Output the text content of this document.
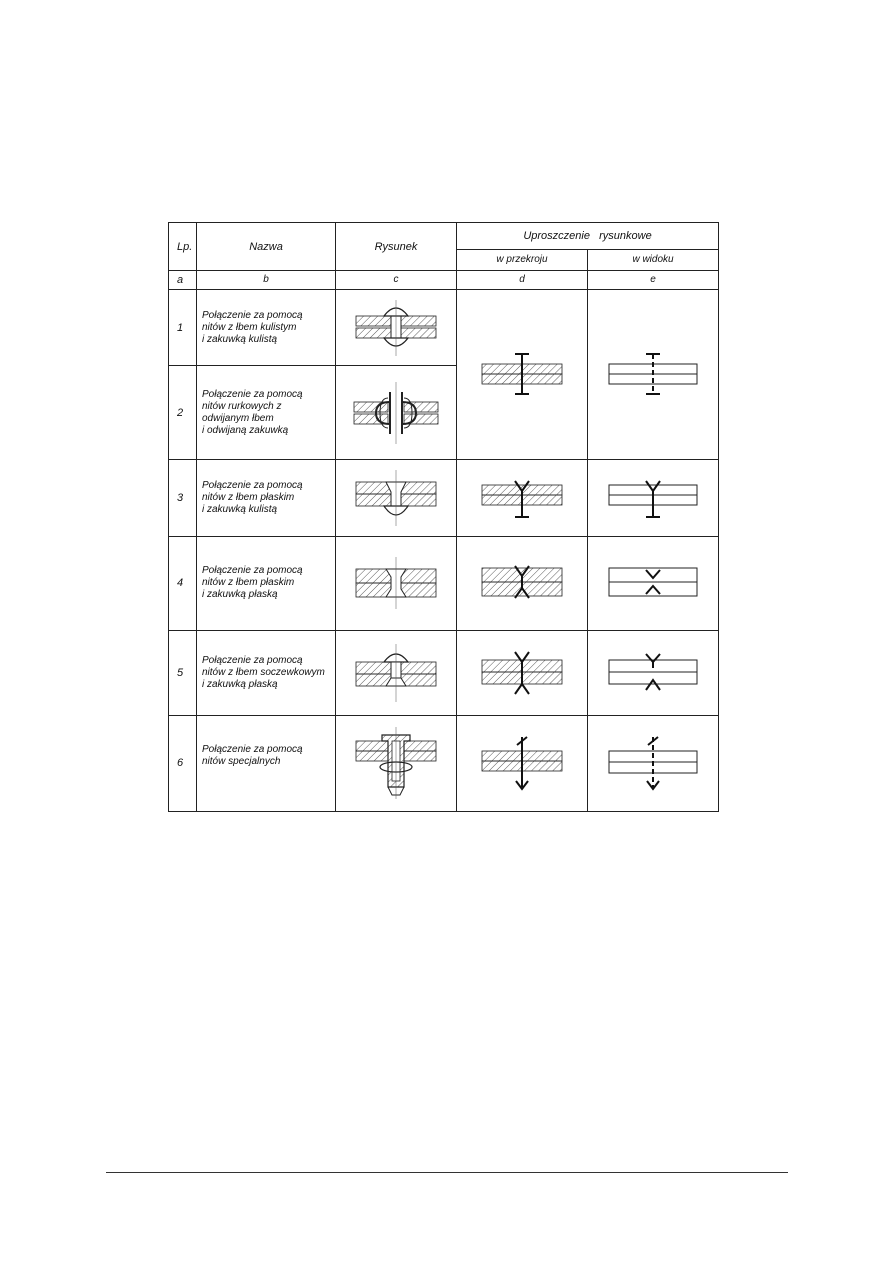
Lp.	Nazwa	Rysunek	Uproszczenie   rysunkowe	
			w przekroju	w widoku
a	b	c	d	e
1	Połączenie za pomocą
nitów z łbem kulistym
i zakuwką kulistą	

2	Połączenie za pomocą
nitów rurkowych z
odwijanym łbem
i odwijaną zakuwką	

3	Połączenie za pomocą
nitów z łbem płaskim
i zakuwką kulistą	

4	Połączenie za pomocą
nitów z łbem płaskim
i zakuwką płaską	

5	Połączenie za pomocą
nitów z łbem soczewkowym
i zakuwką płaską	

6	Połączenie za pomocą
nitów specjalnych	
